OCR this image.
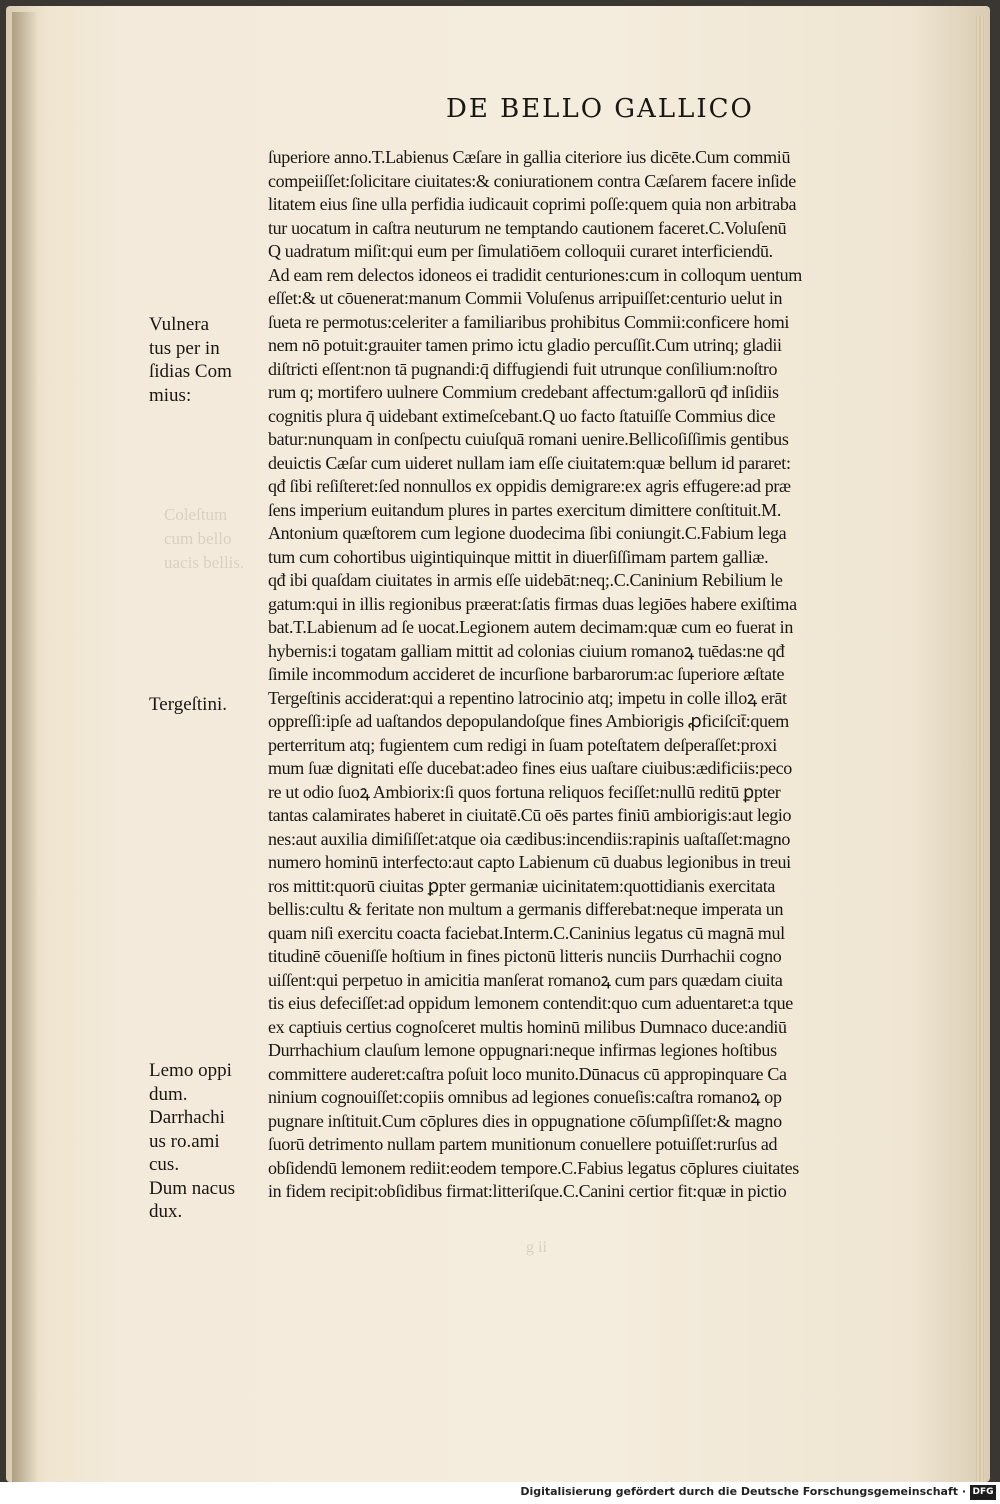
DE BELLO GALLICO
Coleſtum
cum bello
uacis bellis.
g ii
Vulnera
tus per in
ſidias Com
mius:
Tergeſtini.
Lemo oppi
dum.
Darrhachi
us ro.ami
cus.
Dum nacus
dux.
ſuperiore anno.T.Labienus Cæſare in gallia citeriore ius dicēte.Cum commiū
compeiiſſet:ſolicitare ciuitates:& coniurationem contra Cæſarem facere inſide
litatem eius ſine ulla perfidia iudicauit coprimi poſſe:quem quia non arbitraba
tur uocatum in caſtra neuturum ne temptando cautionem faceret.C.Voluſenū
Q uadratum miſit:qui eum per ſimulatiōem colloquii curaret interficiendū.
Ad eam rem delectos idoneos ei tradidit centuriones:cum in colloqum uentum
eſſet:& ut cōuenerat:manum Commii Voluſenus arripuiſſet:centurio uelut in
ſueta re permotus:celeriter a familiaribus prohibitus Commii:conficere homi
nem nō potuit:grauiter tamen primo ictu gladio percuſſit.Cum utrinq; gladii
diſtricti eſſent:non tā pugnandi:q̄ diffugiendi fuit utrunque conſilium:noſtro
rum q; mortifero uulnere Commium credebant affectum:gallorū qđ inſidiis
cognitis plura q̄ uidebant extimeſcebant.Q uo facto ſtatuiſſe Commius dice
batur:nunquam in conſpectu cuiuſquā romani uenire.Belliсoſiſſimis gentibus
deuictis Cæſar cum uideret nullam iam eſſe ciuitatem:quæ bellum id pararet:
qđ ſibi reſiſteret:ſed nonnullos ex oppidis demigrare:ex agris effugere:ad præ
ſens imperium euitandum plures in partes exercitum dimittere conſtituit.M.
Antonium quæſtorem cum legione duodecima ſibi coniungit.C.Fabium lega
tum cum cohortibus uigintiquinque mittit in diuerſiſſimam partem galliæ.
qđ ibi quaſdam ciuitates in armis eſſe uidebāt:neq;.C.Caninium Rebilium le
gatum:qui in illis regionibus præerat:ſatis firmas duas legiōes habere exiſtima
bat.T.Labienum ad ſe uocat.Legionem autem decimam:quæ cum eo fuerat in
hybernis:i togatam galliam mittit ad colonias ciuium romanoꝝ tuēdas:ne qđ
ſimile incommodum accideret de incurſione barbarorum:ac ſuperiore æſtate
Tergeſtinis acciderat:qui a repentino latrocinio atq; impetu in colle illoꝝ erāt
oppreſſi:ipſe ad uaſtandos depopulandoſque fines Ambiorigis ꝓficiſcit̄:quem
perterritum atq; fugientem cum redigi in ſuam poteſtatem deſperaſſet:proxi
mum ſuæ dignitati eſſe ducebat:adeo fines eius uaſtare ciuibus:ædificiis:peco
re ut odio ſuoꝝ Ambiorix:ſi quos fortuna reliquos feciſſet:nullū reditū ꝑpter
tantas calamirates haberet in ciuitatē.Cū oēs partes finiū ambiorigis:aut legio
nes:aut auxilia dimiſiſſet:atque oia cædibus:incendiis:rapinis uaſtaſſet:magno
numero hominū interfecto:aut capto Labienum cū duabus legionibus in treui
ros mittit:quorū ciuitas ꝑpter germaniæ uicinitatem:quottidianis exercitata
bellis:cultu & feritate non multum a germanis differebat:neque imperata un
quam niſi exercitu coacta faciebat.Interm.C.Caninius legatus cū magnā mul
titudinē cōueniſſe hoſtium in fines pictonū litteris nunciis Durrhachii cogno
uiſſent:qui perpetuo in amicitia manſerat romanoꝝ cum pars quædam ciuita
tis eius defeciſſet:ad oppidum lemonem contendit:quo cum aduentaret:a tque
ex captiuis certius cognoſceret multis hominū milibus Dumnaco duce:andiū
Durrhachium clauſum lemone oppugnari:neque infirmas legiones hoſtibus
committere auderet:caſtra poſuit loco munito.Dūnacus cū appropinquare Ca
ninium cognouiſſet:copiis omnibus ad legiones conueſis:caſtra romanoꝝ op
pugnare inſtituit.Cum cōplures dies in oppugnatione cōſumpſiſſet:& magno
ſuorū detrimento nullam partem munitionum conuellere potuiſſet:rurſus ad
obſidendū lemonem rediit:eodem tempore.C.Fabius legatus cōplures ciuitates
in fidem recipit:obſidibus firmat:litteriſque.C.Canini certior fit:quæ in pictio
Digitalisierung gefördert durch die Deutsche Forschungsgemeinschaft · DFG
